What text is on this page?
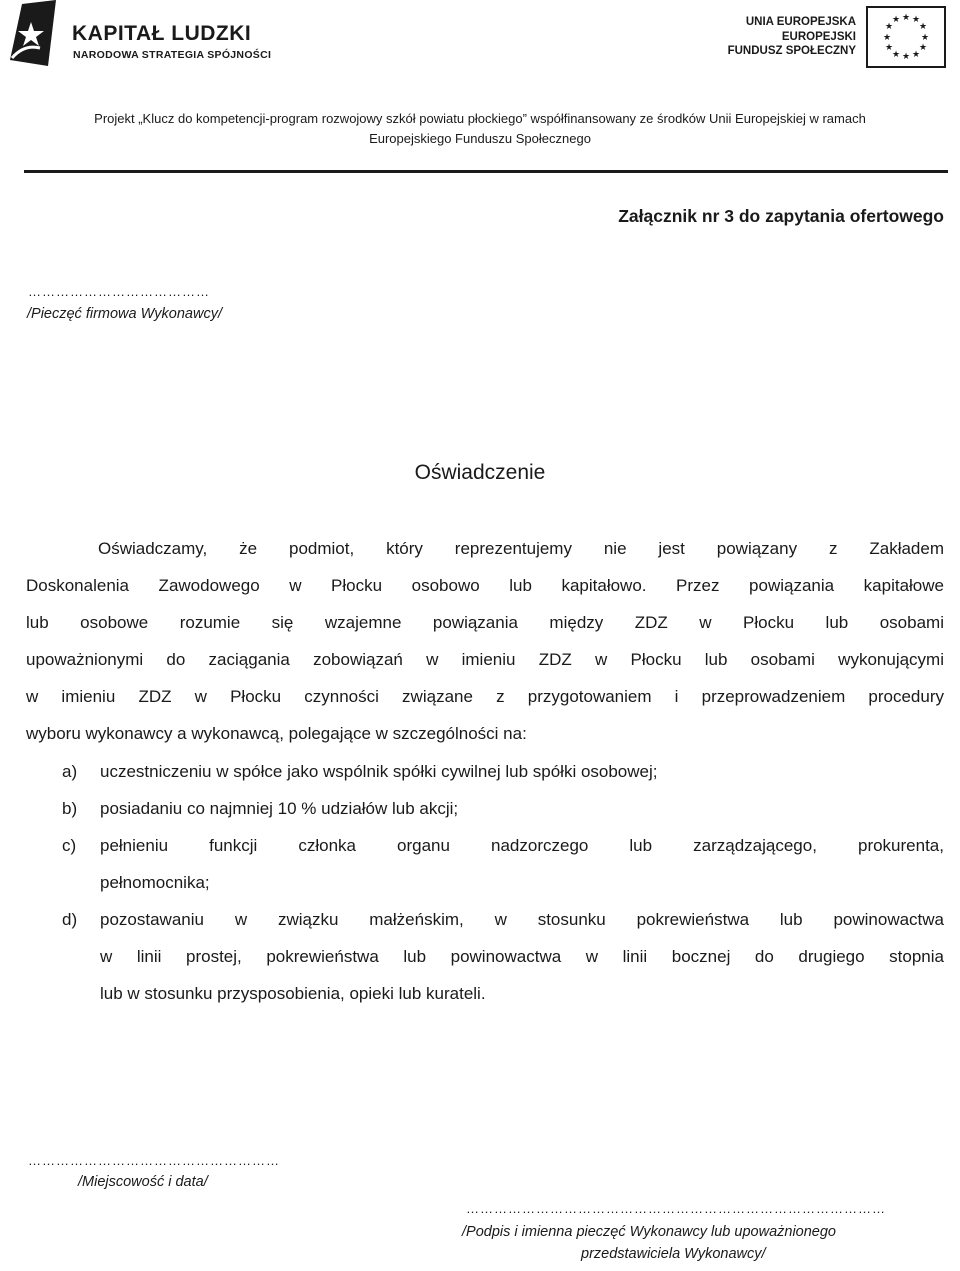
KAPITAŁ LUDZKI
NARODOWA STRATEGIA SPÓJNOŚCI
UNIA EUROPEJSKA
EUROPEJSKI
FUNDUSZ SPOŁECZNY
★ ★
★
★
★
★
★
★
★
★
★
★
Projekt „Klucz do kompetencji-program rozwojowy szkół powiatu płockiego” współfinansowany ze środków Unii Europejskiej w ramach
Europejskiego Funduszu Społecznego
Załącznik nr 3 do zapytania ofertowego
…………………………………
/Pieczęć firmowa Wykonawcy/
Oświadczenie
Oświadczamy, że podmiot, który reprezentujemy nie jest powiązany z Zakładem
Doskonalenia Zawodowego w Płocku osobowo lub kapitałowo. Przez powiązania kapitałowe
lub osobowe rozumie się wzajemne powiązania między ZDZ w Płocku lub osobami
upoważnionymi do zaciągania zobowiązań w imieniu ZDZ w Płocku lub osobami wykonującymi
w imieniu ZDZ w Płocku czynności związane z przygotowaniem i przeprowadzeniem procedury
wyboru wykonawcy a wykonawcą, polegające w szczególności na:
a) uczestniczeniu w spółce jako wspólnik spółki cywilnej lub spółki osobowej;
b) posiadaniu co najmniej 10 % udziałów lub akcji;
c) pełnieniu funkcji członka organu nadzorczego lub zarządzającego, prokurenta,
pełnomocnika;
d) pozostawaniu w związku małżeńskim, w stosunku pokrewieństwa lub powinowactwa
w linii prostej, pokrewieństwa lub powinowactwa w linii bocznej do drugiego stopnia
lub w stosunku przysposobienia, opieki lub kurateli.
………………………………………………
/Miejscowość i data/
………………………………………………………………………………
/Podpis i imienna pieczęć Wykonawcy lub upoważnionego
przedstawiciela Wykonawcy/
